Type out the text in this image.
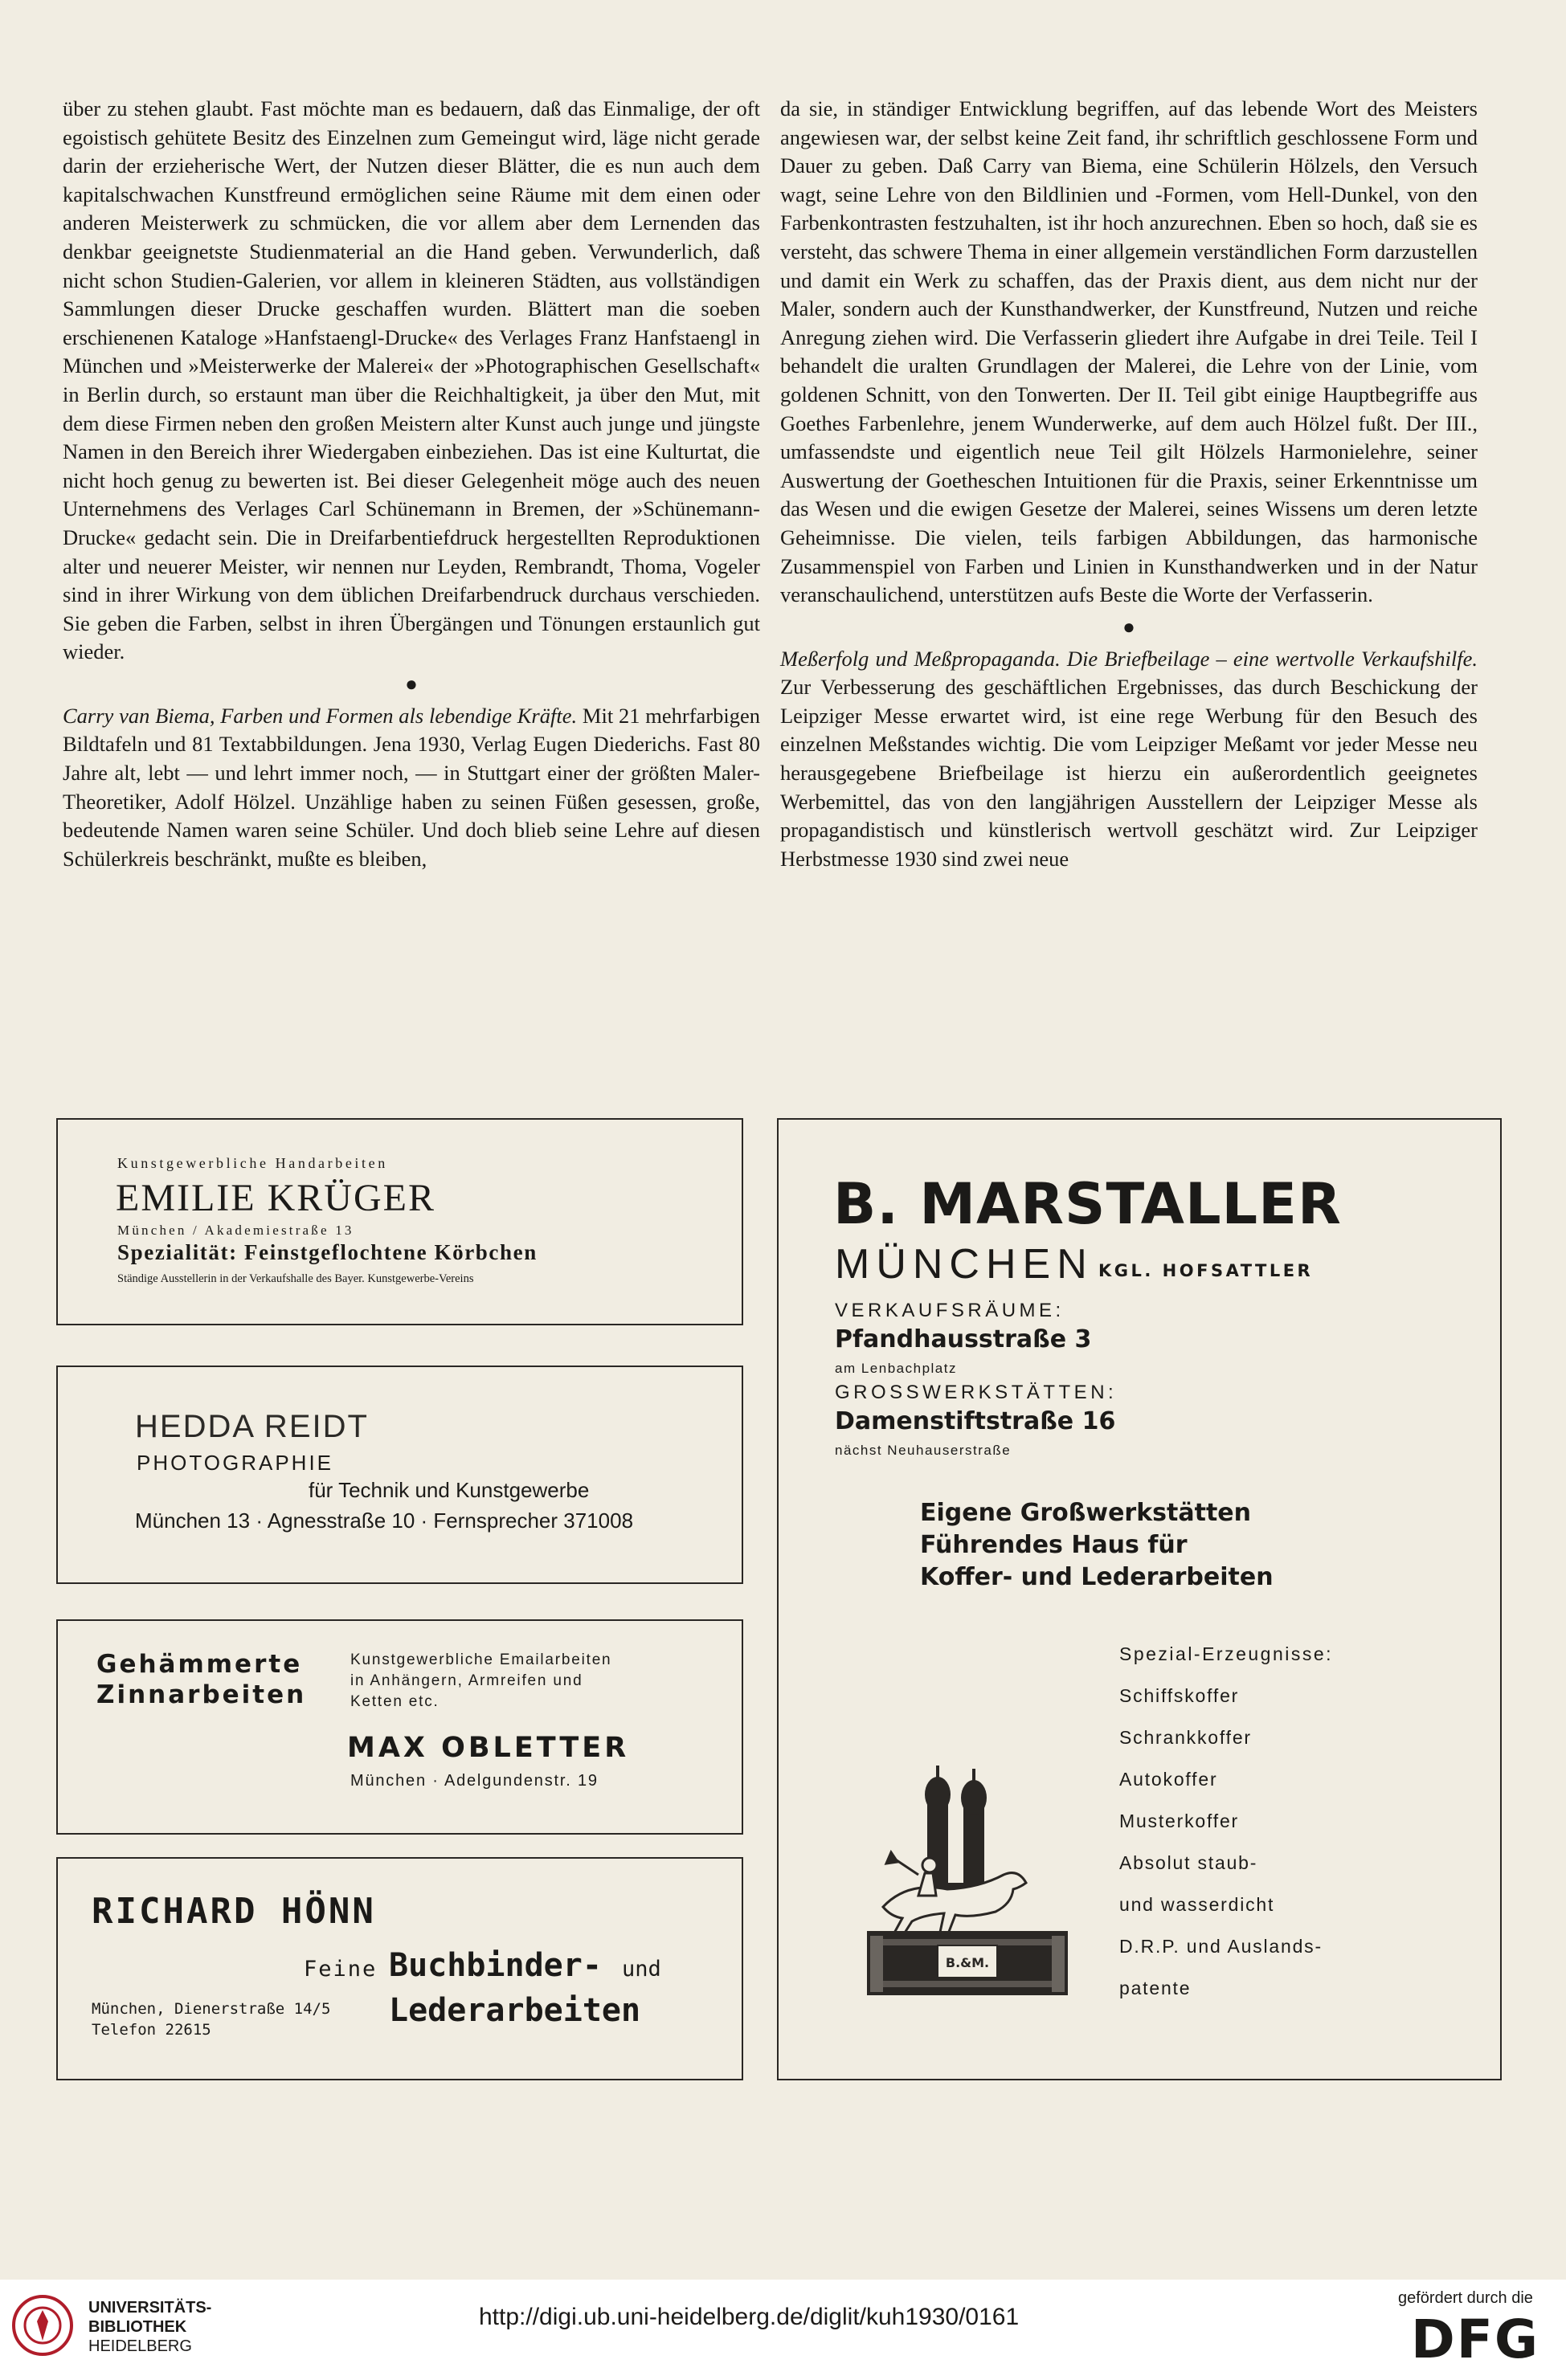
über zu stehen glaubt. Fast möchte man es bedauern, daß das Einmalige, der oft egoistisch gehütete Besitz des Einzelnen zum Gemeingut wird, läge nicht gerade darin der erzieherische Wert, der Nutzen dieser Blätter, die es nun auch dem kapitalschwachen Kunstfreund ermöglichen seine Räume mit dem einen oder anderen Meisterwerk zu schmücken, die vor allem aber dem Lernenden das denkbar geeignetste Studienmaterial an die Hand geben. Verwunderlich, daß nicht schon Studien-Galerien, vor allem in kleineren Städten, aus vollständigen Sammlungen dieser Drucke geschaffen wurden. Blättert man die soeben erschienenen Kataloge »Hanfstaengl-Drucke« des Verlages Franz Hanfstaengl in München und »Meisterwerke der Malerei« der »Photographischen Gesellschaft« in Berlin durch, so erstaunt man über die Reichhaltigkeit, ja über den Mut, mit dem diese Firmen neben den großen Meistern alter Kunst auch junge und jüngste Namen in den Bereich ihrer Wiedergaben einbeziehen. Das ist eine Kulturtat, die nicht hoch genug zu bewerten ist. Bei dieser Gelegenheit möge auch des neuen Unternehmens des Verlages Carl Schünemann in Bremen, der »Schünemann-Drucke« gedacht sein. Die in Dreifarbentiefdruck hergestellten Reproduktionen alter und neuerer Meister, wir nennen nur Leyden, Rembrandt, Thoma, Vogeler sind in ihrer Wirkung von dem üblichen Dreifarbendruck durchaus verschieden. Sie geben die Farben, selbst in ihren Übergängen und Tönungen erstaunlich gut wieder.

●

Carry van Biema, Farben und Formen als lebendige Kräfte. Mit 21 mehrfarbigen Bildtafeln und 81 Textabbildungen. Jena 1930, Verlag Eugen Diederichs. Fast 80 Jahre alt, lebt — und lehrt immer noch, — in Stuttgart einer der größten Maler-Theoretiker, Adolf Hölzel. Unzählige haben zu seinen Füßen gesessen, große, bedeutende Namen waren seine Schüler. Und doch blieb seine Lehre auf diesen Schülerkreis beschränkt, mußte es bleiben,

da sie, in ständiger Entwicklung begriffen, auf das lebende Wort des Meisters angewiesen war, der selbst keine Zeit fand, ihr schriftlich geschlossene Form und Dauer zu geben. Daß Carry van Biema, eine Schülerin Hölzels, den Versuch wagt, seine Lehre von den Bildlinien und -Formen, vom Hell-Dunkel, von den Farbenkontrasten festzuhalten, ist ihr hoch anzurechnen. Eben so hoch, daß sie es versteht, das schwere Thema in einer allgemein verständlichen Form darzustellen und damit ein Werk zu schaffen, das der Praxis dient, aus dem nicht nur der Maler, sondern auch der Kunsthandwerker, der Kunstfreund, Nutzen und reiche Anregung ziehen wird. Die Verfasserin gliedert ihre Aufgabe in drei Teile. Teil I behandelt die uralten Grundlagen der Malerei, die Lehre von der Linie, vom goldenen Schnitt, von den Tonwerten. Der II. Teil gibt einige Hauptbegriffe aus Goethes Farbenlehre, jenem Wunderwerke, auf dem auch Hölzel fußt. Der III., umfassendste und eigentlich neue Teil gilt Hölzels Harmonielehre, seiner Auswertung der Goetheschen Intuitionen für die Praxis, seiner Erkenntnisse um das Wesen und die ewigen Gesetze der Malerei, seines Wissens um deren letzte Geheimnisse. Die vielen, teils farbigen Abbildungen, das harmonische Zusammenspiel von Farben und Linien in Kunsthandwerken und in der Natur veranschaulichend, unterstützen aufs Beste die Worte der Verfasserin.

●

Meßerfolg und Meßpropaganda. Die Briefbeilage – eine wertvolle Verkaufshilfe. Zur Verbesserung des geschäftlichen Ergebnisses, das durch Beschickung der Leipziger Messe erwartet wird, ist eine rege Werbung für den Besuch des einzelnen Meßstandes wichtig. Die vom Leipziger Meßamt vor jeder Messe neu herausgegebene Briefbeilage ist hierzu ein außerordentlich geeignetes Werbemittel, das von den langjährigen Ausstellern der Leipziger Messe als propagandistisch und künstlerisch wertvoll geschätzt wird. Zur Leipziger Herbstmesse 1930 sind zwei neue

Kunstgewerbliche Handarbeiten
EMILIE KRÜGER
München / Akademiestraße 13
Spezialität: Feinstgeflochtene Körbchen
Ständige Ausstellerin in der Verkaufshalle des Bayer. Kunstgewerbe-Vereins
HEDDA REIDT
PHOTOGRAPHIE
für Technik und Kunstgewerbe
München 13 · Agnesstraße 10 · Fernsprecher 371008
Gehämmerte
Zinnarbeiten
Kunstgewerbliche Emailarbeiten
in Anhängern, Armreifen und
Ketten etc.
MAX OBLETTER
München · Adelgundenstr. 19
RICHARD HÖNN
Feine Buchbinder- und
Lederarbeiten
München, Dienerstraße 14/5
Telefon 22615
B. MARSTALLER
MÜNCHEN KGL. HOFSATTLER
VERKAUFSRÄUME:
Pfandhausstraße 3
am Lenbachplatz
GROSSWERKSTÄTTEN:
Damenstiftstraße 16
nächst Neuhauserstraße
Eigene Großwerkstätten
Führendes Haus für
Koffer- und Lederarbeiten
Spezial-Erzeugnisse:
Schiffskoffer
Schrankkoffer
Autokoffer
Musterkoffer
Absolut staub-
und wasserdicht
D.R.P. und Auslands-
patente
B.&M.
UNIVERSITÄTS-
BIBLIOTHEK
HEIDELBERG
http://digi.ub.uni-heidelberg.de/diglit/kuh1930/0161
gefördert durch die
DFG
